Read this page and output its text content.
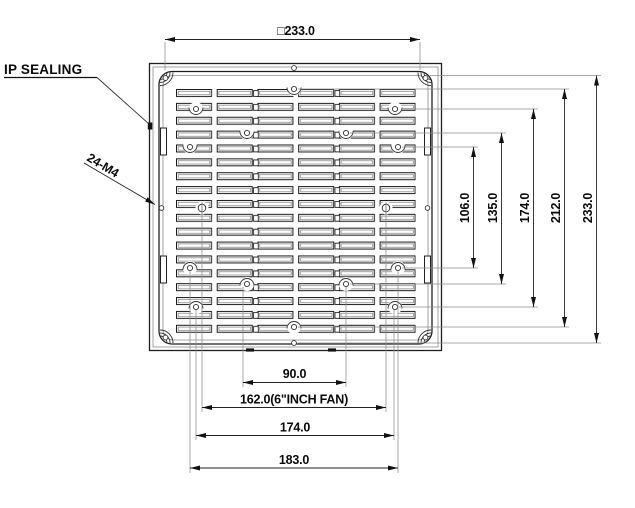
□233.0
106.0 135.0 174.0 212.0 233.0
90.0
162.0(6"INCH FAN)
174.0
183.0
IP SEALING
24-M4
